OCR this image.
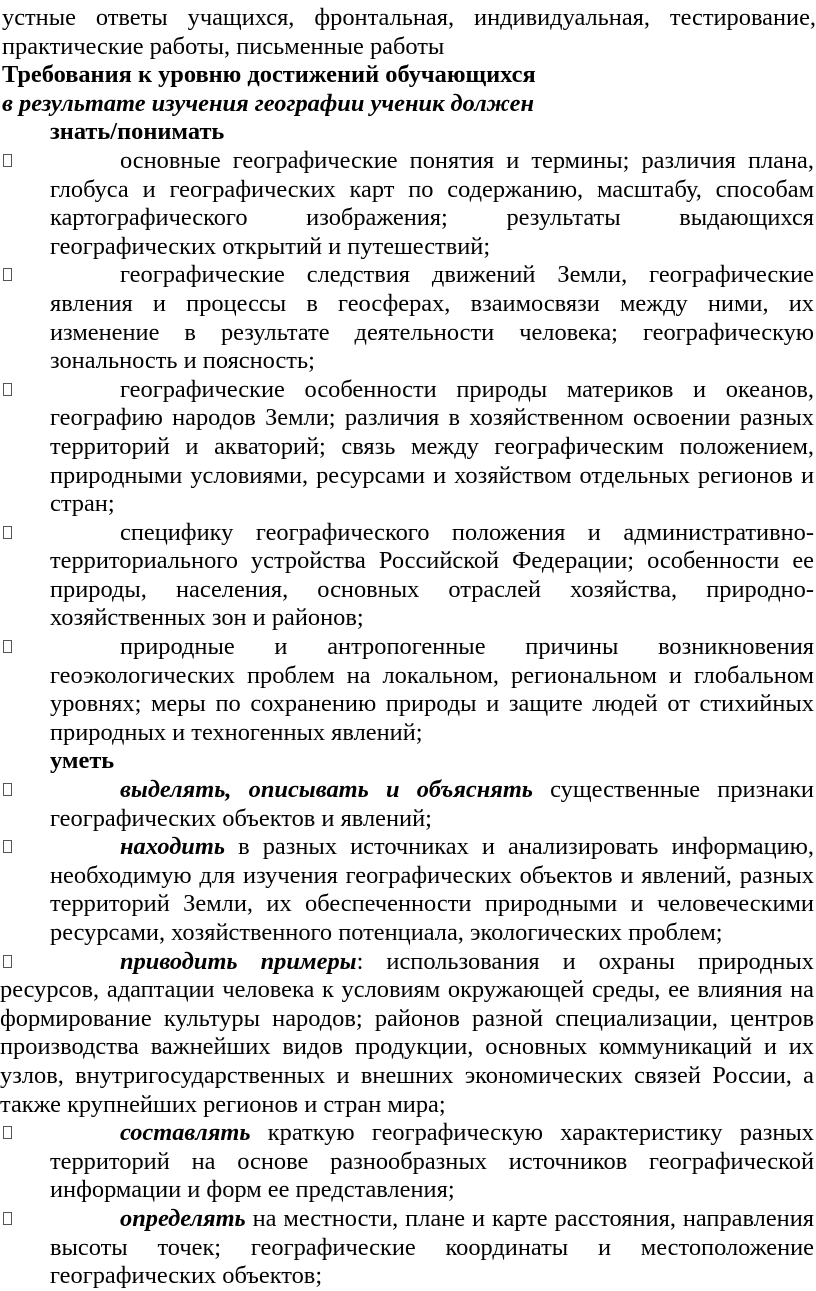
устные ответы учащихся, фронтальная, индивидуальная, тестирование, практические работы, письменные работы

Требования к уровню достижений обучающихся

в результате изучения географии ученик должен

знать/понимать

основные географические понятия и термины; различия плана, глобуса и географических карт по содержанию, масштабу, способам картографического изображения; результаты выдающихся географических открытий и путешествий;
географические следствия движений Земли, географические явления и процессы в геосферах, взаимосвязи между ними, их изменение в результате деятельности человека; географическую зональность и поясность;
географические особенности природы материков и океанов, географию народов Земли; различия в хозяйственном освоении разных территорий и акваторий; связь между географическим положением, природными условиями, ресурсами и хозяйством отдельных регионов и стран;
специфику географического положения и административно-территориального устройства Российской Федерации; особенности ее природы, населения, основных отраслей хозяйства, природно-хозяйственных зон и районов;
природные и антропогенные причины возникновения геоэкологических проблем на локальном, региональном и глобальном уровнях; меры по сохранению природы и защите людей от стихийных природных и техногенных явлений;

уметь

выделять, описывать и объяснять существенные признаки географических объектов и явлений;
находить в разных источниках и анализировать информацию, необходимую для изучения географических объектов и явлений, разных территорий Земли, их обеспеченности природными и человеческими ресурсами, хозяйственного потенциала, экологических проблем;
приводить примеры: использования и охраны природных ресурсов, адаптации человека к условиям окружающей среды, ее влияния на формирование культуры народов; районов разной специализации, центров производства важнейших видов продукции, основных коммуникаций и их узлов, внутригосударственных и внешних экономических связей России, а также крупнейших регионов и стран мира;
составлять краткую географическую характеристику разных территорий на основе разнообразных источников географической информации и форм ее представления;
определять на местности, плане и карте расстояния, направления высоты точек; географические координаты и местоположение географических объектов;
